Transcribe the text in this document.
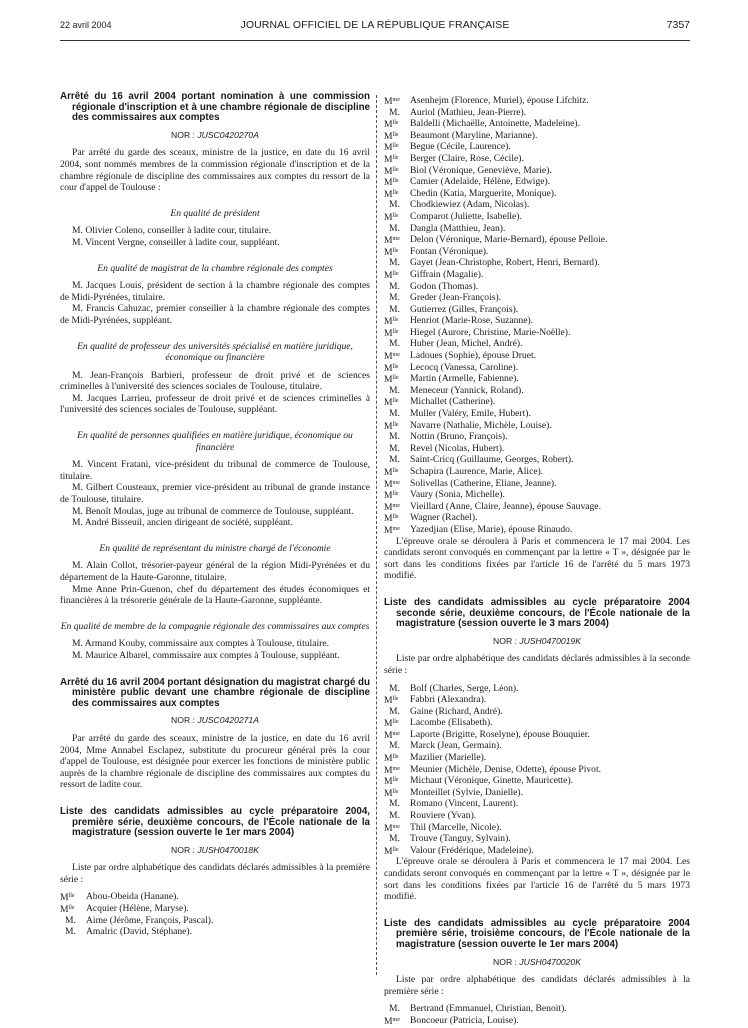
22 avril 2004	JOURNAL OFFICIEL DE LA RÉPUBLIQUE FRANÇAISE	7357
Arrêté du 16 avril 2004 portant nomination à une commission régionale d'inscription et à une chambre régionale de discipline des commissaires aux comptes
NOR : JUSC0420270A

Par arrêté du garde des sceaux, ministre de la justice, en date du 16 avril 2004, sont nommés membres de la commission régionale d'inscription et de la chambre régionale de discipline des commissaires aux comptes du ressort de la cour d'appel de Toulouse :

En qualité de président

M. Olivier Coleno, conseiller à ladite cour, titulaire.

M. Vincent Vergne, conseiller à ladite cour, suppléant.

En qualité de magistrat de la chambre régionale des comptes

M. Jacques Louis, président de section à la chambre régionale des comptes de Midi-Pyrénées, titulaire.

M. Francis Cahuzac, premier conseiller à la chambre régionale des comptes de Midi-Pyrénées, suppléant.

En qualité de professeur des universités spécialisé en matière juridique, économique ou financière

M. Jean-François Barbieri, professeur de droit privé et de sciences criminelles à l'université des sciences sociales de Toulouse, titulaire.

M. Jacques Larrieu, professeur de droit privé et de sciences criminelles à l'université des sciences sociales de Toulouse, suppléant.

En qualité de personnes qualifiées en matière juridique, économique ou financière

M. Vincent Fratani, vice-président du tribunal de commerce de Toulouse, titulaire.

M. Gilbert Cousteaux, premier vice-président au tribunal de grande instance de Toulouse, titulaire.

M. Benoît Moulas, juge au tribunal de commerce de Toulouse, suppléant.

M. André Bisseuil, ancien dirigeant de société, suppléant.

En qualité de représentant du ministre chargé de l'économie

M. Alain Collot, trésorier-payeur général de la région Midi-Pyrénées et du département de la Haute-Garonne, titulaire.

Mme Anne Prin-Guenon, chef du département des études économiques et financières à la trésorerie générale de la Haute-Garonne, suppléante.

En qualité de membre de la compagnie régionale des commissaires aux comptes

M. Armand Kouby, commissaire aux comptes à Toulouse, titulaire.

M. Maurice Albarel, commissaire aux comptes à Toulouse, suppléant.

Arrêté du 16 avril 2004 portant désignation du magistrat chargé du ministère public devant une chambre régionale de discipline des commissaires aux comptes
NOR : JUSC0420271A

Par arrêté du garde des sceaux, ministre de la justice, en date du 16 avril 2004, Mme Annabel Esclapez, substitute du procureur général près la cour d'appel de Toulouse, est désignée pour exercer les fonctions de ministère public auprès de la chambre régionale de discipline des commissaires aux comptes du ressort de ladite cour.

Liste des candidats admissibles au cycle préparatoire 2004, première série, deuxième concours, de l'École nationale de la magistrature (session ouverte le 1er mars 2004)
NOR : JUSH0470018K

Liste par ordre alphabétique des candidats déclarés admissibles à la première série :

$M^{lle}$	Abou-Obeida (Hanane).
$M^{lle}$	Acquier (Hélène, Maryse).
M.	Aime (Jérôme, François, Pascal).
M.	Amalric (David, Stéphane).
$M^{me}$	Asenhejm (Florence, Muriel), épouse Lifchitz.
M.	Auriol (Mathieu, Jean-Pierre).
$M^{lle}$	Baldelli (Michaëlle, Antoinette, Madeleine).
$M^{lle}$	Beaumont (Maryline, Marianne).
$M^{lle}$	Begue (Cécile, Laurence).
$M^{lle}$	Berger (Claire, Rose, Cécile).
$M^{lle}$	Biol (Véronique, Geneviève, Marie).
$M^{lle}$	Camier (Adelaïde, Hélène, Edwige).
$M^{lle}$	Chedin (Katia, Marguerite, Monique).
M.	Chodkiewiez (Adam, Nicolas).
$M^{lle}$	Comparot (Juliette, Isabelle).
M.	Dangla (Matthieu, Jean).
$M^{me}$	Delon (Véronique, Marie-Bernard), épouse Pelloie.
$M^{lle}$	Fontan (Véronique).
M.	Gayet (Jean-Christophe, Robert, Henri, Bernard).
$M^{lle}$	Giffrain (Magalie).
M.	Godon (Thomas).
M.	Greder (Jean-François).
M.	Gutierrez (Gilles, François).
$M^{lle}$	Henriot (Marie-Rose, Suzanne).
$M^{lle}$	Hiegel (Aurore, Christine, Marie-Noëlle).
M.	Huber (Jean, Michel, André).
$M^{me}$	Ladoues (Sophie), épouse Druet.
$M^{lle}$	Lecocq (Vanessa, Caroline).
$M^{lle}$	Martin (Armelle, Fabienne).
M.	Meneceur (Yannick, Roland).
$M^{lle}$	Michallet (Catherine).
M.	Muller (Valéry, Emile, Hubert).
$M^{lle}$	Navarre (Nathalie, Michèle, Louise).
M.	Nottin (Bruno, François).
M.	Revel (Nicolas, Hubert).
M.	Saint-Cricq (Guillaume, Georges, Robert).
$M^{lle}$	Schapira (Laurence, Marie, Alice).
$M^{me}$	Solivellas (Catherine, Eliane, Jeanne).
$M^{lle}$	Vaury (Sonia, Michelle).
$M^{me}$	Vieillard (Anne, Claire, Jeanne), épouse Sauvage.
$M^{lle}$	Wagner (Rachel).
$M^{me}$	Yazedjian (Elise, Marie), épouse Rinaudo.

L'épreuve orale se déroulera à Paris et commencera le 17 mai 2004. Les candidats seront convoqués en commençant par la lettre « T », désignée par le sort dans les conditions fixées par l'article 16 de l'arrêté du 5 mars 1973 modifié.

Liste des candidats admissibles au cycle préparatoire 2004 seconde série, deuxième concours, de l'École nationale de la magistrature (session ouverte le 3 mars 2004)
NOR : JUSH0470019K

Liste par ordre alphabétique des candidats déclarés admissibles à la seconde série :

M.	Bolf (Charles, Serge, Léon).
$M^{lle}$	Fabbri (Alexandra).
M.	Gaine (Richard, André).
$M^{lle}$	Lacombe (Elisabeth).
$M^{me}$	Laporte (Brigitte, Roselyne), épouse Bouquier.
M.	Marck (Jean, Germain).
$M^{lle}$	Mazilier (Marielle).
$M^{me}$	Meunier (Michèle, Denise, Odette), épouse Pivot.
$M^{lle}$	Michaut (Véronique, Ginette, Mauricette).
$M^{lle}$	Monteillet (Sylvie, Danielle).
M.	Romano (Vincent, Laurent).
M.	Rouviere (Yvan).
$M^{me}$	Thil (Marcelle, Nicole).
M.	Trouve (Tanguy, Sylvain).
$M^{lle}$	Valour (Frédérique, Madeleine).

L'épreuve orale se déroulera à Paris et commencera le 17 mai 2004. Les candidats seront convoqués en commençant par la lettre « T », désignée par le sort dans les conditions fixées par l'article 16 de l'arrêté du 5 mars 1973 modifié.

Liste des candidats admissibles au cycle préparatoire 2004 première série, troisième concours, de l'École nationale de la magistrature (session ouverte le 1er mars 2004)
NOR : JUSH0470020K

Liste par ordre alphabétique des candidats déclarés admissibles à la première série :

M.	Bertrand (Emmanuel, Christian, Benoit).
$M^{me}$	Boncoeur (Patricia, Louise).
